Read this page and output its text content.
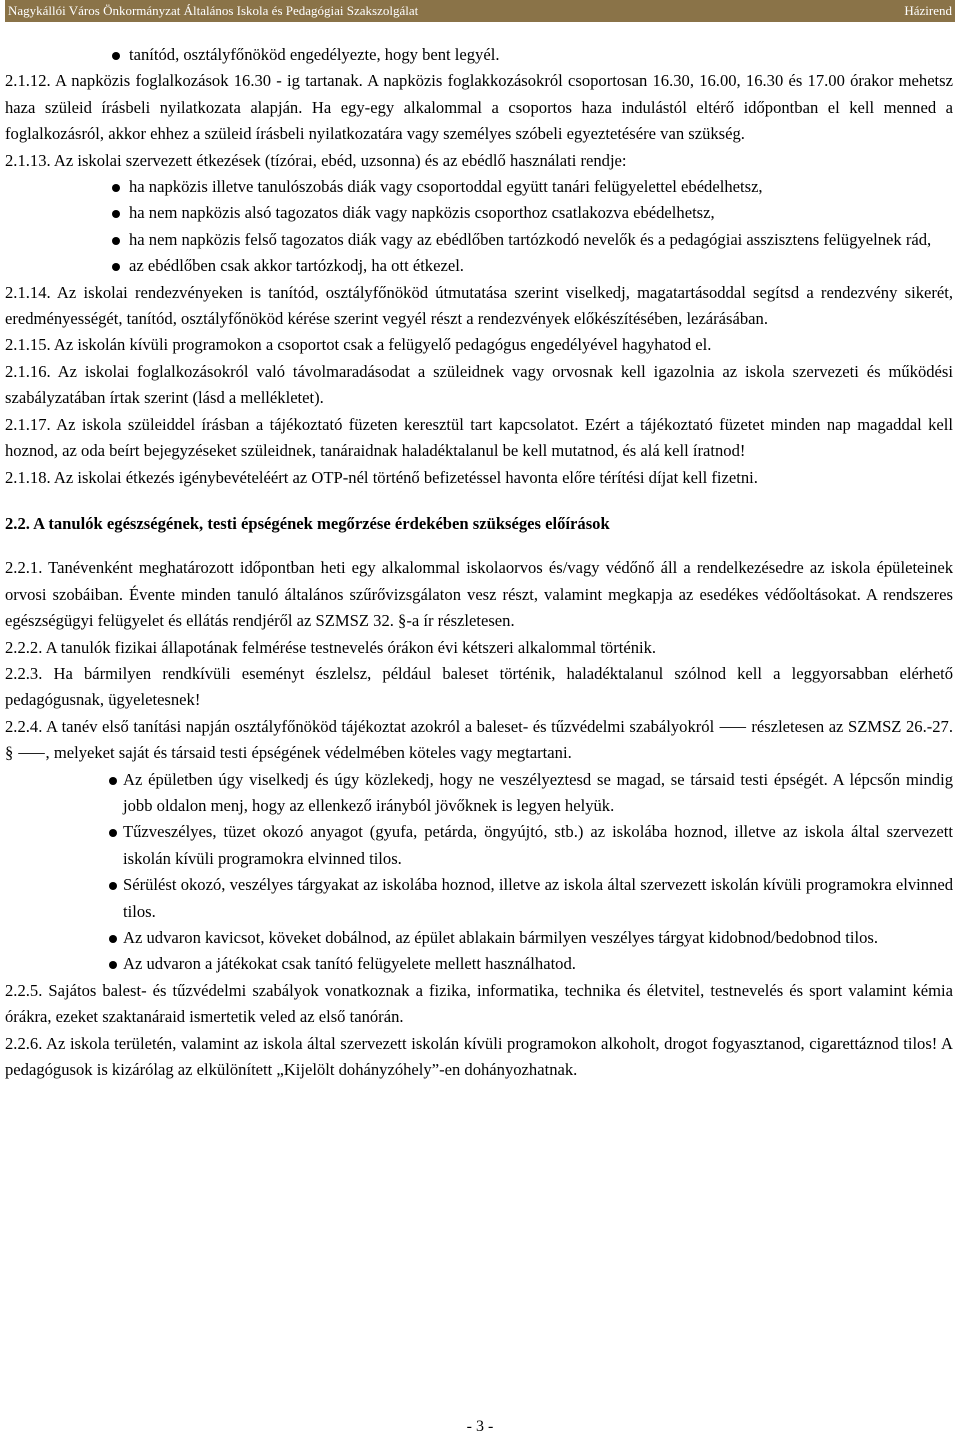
Nagykállói Város Önkormányzat Általános Iskola és Pedagógiai Szakszolgálat	Házirend
tanítód, osztályfőnököd engedélyezte, hogy bent legyél.
2.1.12. A napközis foglalkozások 16.30 - ig tartanak. A napközis foglakkozásokról csoportosan 16.30, 16.00, 16.30 és 17.00 órakor mehetsz haza szüleid írásbeli nyilatkozata alapján. Ha egy-egy alkalommal a csoportos haza indulástól eltérő időpontban el kell menned a foglalkozásról, akkor ehhez a szüleid írásbeli nyilatkozatára vagy személyes szóbeli egyeztetésére van szükség.
2.1.13. Az iskolai szervezett étkezések (tízórai, ebéd, uzsonna) és az ebédlő használati rendje:
ha napközis illetve tanulószobás diák vagy csoportoddal együtt tanári felügyelettel ebédelhetsz,
ha nem napközis alsó tagozatos diák vagy napközis csoporthoz csatlakozva ebédelhetsz,
ha nem napközis felső tagozatos diák vagy az ebédlőben tartózkodó nevelők és a pedagógiai asszisztens felügyelnek rád,
az ebédlőben csak akkor tartózkodj, ha ott étkezel.
2.1.14. Az iskolai rendezvényeken is tanítód, osztályfőnököd útmutatása szerint viselkedj, magatartásoddal segítsd a rendezvény sikerét, eredményességét, tanítód, osztályfőnököd kérése szerint vegyél részt a rendezvények előkészítésében, lezárásában.
2.1.15. Az iskolán kívüli programokon a csoportot csak a felügyelő pedagógus engedélyével hagyhatod el.
2.1.16. Az iskolai foglalkozásokról való távolmaradásodat a szüleidnek vagy orvosnak kell igazolnia az iskola szervezeti és működési szabályzatában írtak szerint (lásd a mellékletet).
2.1.17. Az iskola szüleiddel írásban a tájékoztató füzeten keresztül tart kapcsolatot. Ezért a tájékoztató füzetet minden nap magaddal kell hoznod, az oda beírt bejegyzéseket szüleidnek, tanáraidnak haladéktalanul be kell mutatnod, és alá kell íratnod!
2.1.18. Az iskolai étkezés igénybevételéért az OTP-nél történő befizetéssel havonta előre térítési díjat kell fizetni.
2.2. A tanulók egészségének, testi épségének megőrzése érdekében szükséges előírások
2.2.1. Tanévenként meghatározott időpontban heti egy alkalommal iskolaorvos és/vagy védőnő áll a rendelkezésedre az iskola épületeinek orvosi szobáiban. Évente minden tanuló általános szűrővizsgálaton vesz részt, valamint megkapja az esedékes védőoltásokat. A rendszeres egészségügyi felügyelet és ellátás rendjéről az SZMSZ 32. §-a ír részletesen.
2.2.2. A tanulók fizikai állapotának felmérése testnevelés órákon évi kétszeri alkalommal történik.
2.2.3. Ha bármilyen rendkívüli eseményt észlelsz, például baleset történik, haladéktalanul szólnod kell a leggyorsabban elérhető pedagógusnak, ügyeletesnek!
2.2.4. A tanév első tanítási napján osztályfőnököd tájékoztat azokról a baleset- és tűzvédelmi szabályokról ⸺ részletesen az SZMSZ 26.-27. § ⸺, melyeket saját és társaid testi épségének védelmében köteles vagy megtartani.
Az épületben úgy viselkedj és úgy közlekedj, hogy ne veszélyeztesd se magad, se társaid testi épségét. A lépcsőn mindig jobb oldalon menj, hogy az ellenkező irányból jövőknek is legyen helyük.
Tűzveszélyes, tüzet okozó anyagot (gyufa, petárda, öngyújtó, stb.) az iskolába hoznod, illetve az iskola által szervezett iskolán kívüli programokra elvinned tilos.
Sérülést okozó, veszélyes tárgyakat az iskolába hoznod, illetve az iskola által szervezett iskolán kívüli programokra elvinned tilos.
Az udvaron kavicsot, köveket dobálnod, az épület ablakain bármilyen veszélyes tárgyat kidobnod/bedobnod tilos.
Az udvaron a játékokat csak tanító felügyelete mellett használhatod.
2.2.5. Sajátos balest- és tűzvédelmi szabályok vonatkoznak a fizika, informatika, technika és életvitel, testnevelés és sport valamint kémia órákra, ezeket szaktanáraid ismertetik veled az első tanórán.
2.2.6. Az iskola területén, valamint az iskola által szervezett iskolán kívüli programokon alkoholt, drogot fogyasztanod, cigarettáznod tilos! A pedagógusok is kizárólag az elkülönített „Kijelölt dohányzóhely”-en dohányozhatnak.
- 3 -
